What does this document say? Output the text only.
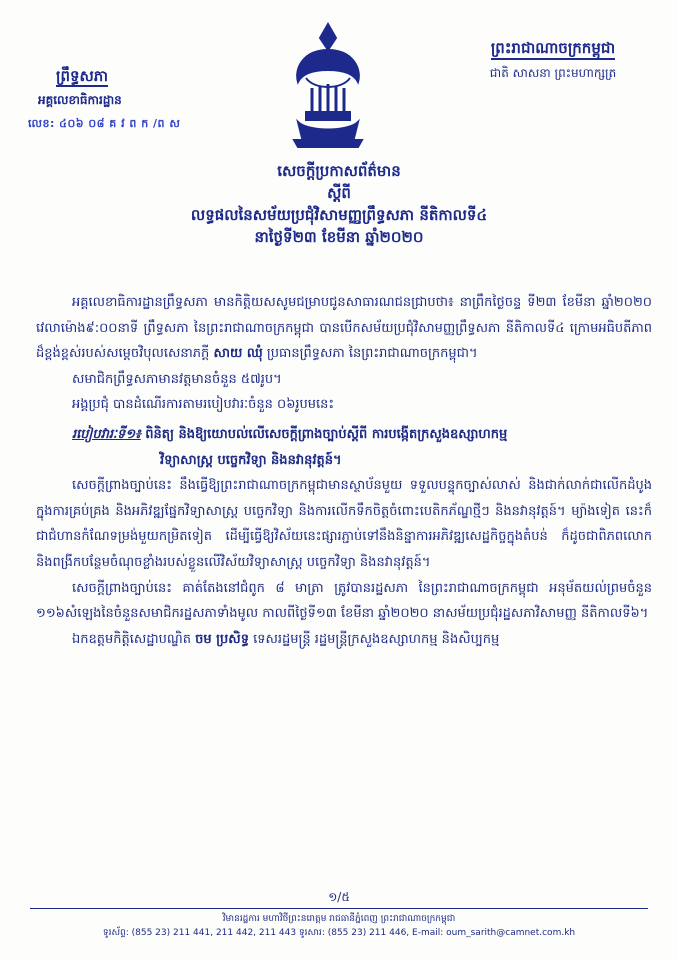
ព្រះរាជាណាចក្រកម្ពុជា
ជាតិ សាសនា ព្រះមហាក្សត្រ
ព្រឹទ្ធសភា
អគ្គលេខាធិការដ្ឋាន
លេខ: ៤០៦ ០៨ គ វ ព ក /ព ស
សេចក្ដីប្រកាសព័ត៌មាន
ស្ដីពី
លទ្ធផលនៃសម័យប្រជុំវិសាមញ្ញព្រឹទ្ធសភា នីតិកាលទី៤
នាថ្ងៃទី២៣ ខែមីនា ឆ្នាំ២០២០

អគ្គលេខាធិការដ្ឋានព្រឹទ្ធសភា មានកិត្តិយសសូមជម្រាបជូនសាធារណជនជ្រាបថា៖ នាព្រឹកថ្ងៃចន្ទ ទី២៣ ខែមីនា ឆ្នាំ២០២០ វេលាម៉ោង៩:០០នាទី ព្រឹទ្ធសភា នៃព្រះរាជាណាចក្រកម្ពុជា បានបើកសម័យប្រជុំវិសាមញ្ញព្រឹទ្ធសភា នីតិកាលទី៤ ក្រោមអធិបតីភាពដ៏ខ្ពង់ខ្ពស់របស់សម្ដេចវិបុលសេនាភក្ដី សាយ ឈុំ ប្រធានព្រឹទ្ធសភា នៃព្រះរាជាណាចក្រកម្ពុជា។

សមាជិកព្រឹទ្ធសភាមានវត្តមានចំនួន ៥៧រូប។

អង្គប្រជុំ បានដំណើរការតាមរបៀបវារៈចំនួន ០៦រូបមនេះ

របៀបវារៈទី១៖ ពិនិត្យ និងឱ្យយោបល់លើសេចក្ដីព្រាងច្បាប់ស្ដីពី ការបង្កើតក្រសួងឧស្សាហកម្ម

វិទ្យាសាស្ត្រ បច្ចេកវិទ្យា និងនវានុវត្តន៍។

សេចក្ដីព្រាងច្បាប់នេះ នឹងធ្វើឱ្យព្រះរាជាណាចក្រកម្ពុជាមានស្ថាប័នមួយ ទទួលបន្ទុកច្បាស់លាស់ និងជាក់លាក់ជាលើកដំបូង ក្នុងការគ្រប់គ្រង និងអភិវឌ្ឍផ្នែកវិទ្យាសាស្ត្រ បច្ចេកវិទ្យា និងការលើកទឹកចិត្តចំពោះបេតិកភ័ណ្ឌថ្មីៗ និងនវានុវត្តន៍។ ម្យ៉ាងទៀត នេះក៏ជាជំហានកំណែទម្រង់មួយកម្រិតទៀត ដើម្បីធ្វើឱ្យវិស័យនេះផ្សារភ្ជាប់ទៅនឹងនិន្នាការអភិវឌ្ឍសេដ្ឋកិច្ចក្នុងតំបន់ ក៏ដូចជាពិភពលោក និងពង្រីកបន្ថែមចំណុចខ្លាំងរបស់ខ្លួនលើវិស័យវិទ្យាសាស្ត្រ បច្ចេកវិទ្យា និងនវានុវត្តន៍។

សេចក្ដីព្រាងច្បាប់នេះ គាត់តែងនៅជំពូក ៨ មាត្រា ត្រូវបានរដ្ឋសភា នៃព្រះរាជាណាចក្រកម្ពុជា អនុម័តយល់ព្រមចំនួន ១១៦សំឡេងនៃចំនួនសមាជិករដ្ឋសភាទាំងមូល កាលពីថ្ងៃទី១៣ ខែមីនា ឆ្នាំ២០២០ នាសម័យប្រជុំរដ្ឋសភាវិសាមញ្ញ នីតិកាលទី៦។

ឯកឧត្តមកិត្តិសេដ្ឋាបណ្ឌិត ចម ប្រសិទ្ធ ទេសរដ្ឋមន្ត្រី រដ្ឋមន្ត្រីក្រសួងឧស្សាហកម្ម និងសិប្បកម្ម

១/៥
វិមានរដ្ឋការ មហាវិថីព្រះនរោត្តម រាជធានីភ្នំពេញ ព្រះរាជាណាចក្រកម្ពុជា
ទូរស័ព្ទ: (855 23) 211 441, 211 442, 211 443 ទូរសារ: (855 23) 211 446, E-mail: oum_sarith@camnet.com.kh
